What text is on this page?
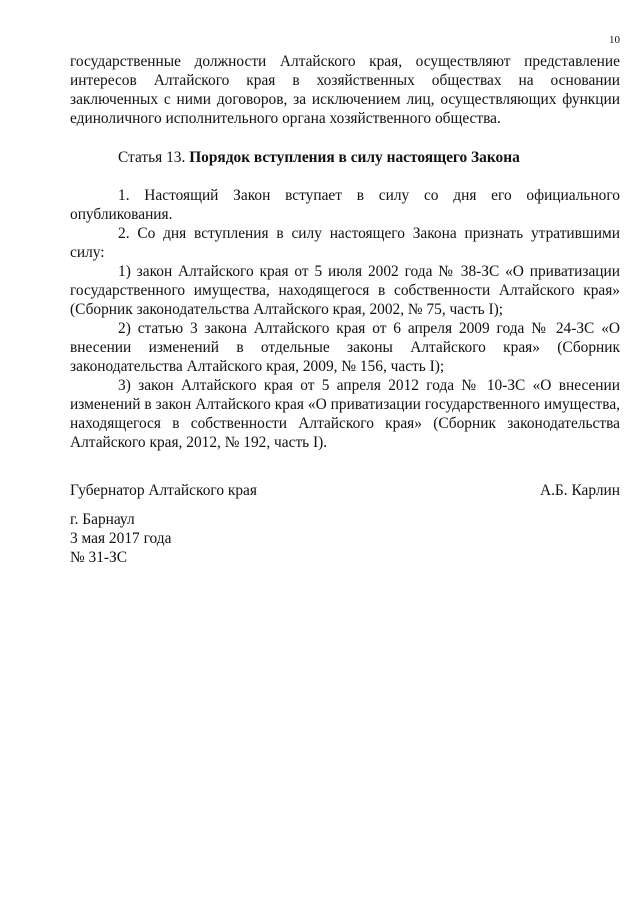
10

государственные должности Алтайского края, осуществляют представление интересов Алтайского края в хозяйственных обществах на основании заключенных с ними договоров, за исключением лиц, осуществляющих функции единоличного исполнительного органа хозяйственного общества.

Статья 13. Порядок вступления в силу настоящего Закона

1. Настоящий Закон вступает в силу со дня его официального опубликования.

2. Со дня вступления в силу настоящего Закона признать утратившими силу:

1) закон Алтайского края от 5 июля 2002 года № 38-ЗС «О приватизации государственного имущества, находящегося в собственности Алтайского края» (Сборник законодательства Алтайского края, 2002, № 75, часть I);

2) статью 3 закона Алтайского края от 6 апреля 2009 года № 24-ЗС «О внесении изменений в отдельные законы Алтайского края» (Сборник законодательства Алтайского края, 2009, № 156, часть I);

3) закон Алтайского края от 5 апреля 2012 года № 10-ЗС «О внесении изменений в закон Алтайского края «О приватизации государственного имущества, находящегося в собственности Алтайского края» (Сборник законодательства Алтайского края, 2012, № 192, часть I).

Губернатор Алтайского края	А.Б. Карлин
г. Барнаул
3 мая 2017 года
№ 31-ЗС
